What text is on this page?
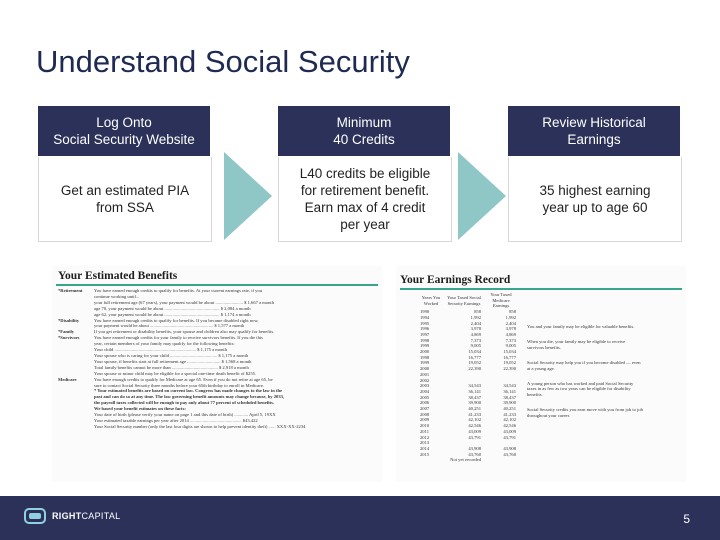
Understand Social Security
Log Onto
Social Security Website
Get an estimated PIA from SSA
Minimum
40 Credits
L40 credits be eligible for retirement benefit. Earn max of 4 credit per year
Review Historical
Earnings
35 highest earning year up to age 60
Your Estimated Benefits
*Retirement	You have earned enough credits to qualify for benefits. At your current earnings rate, if you
continue working until...
your full retirement age (67 years), your payment would be about ........................ $ 1,667 a month
age 70, your payment would be about ................................................ $ 2,084 a month
age 62, your payment would be about ................................................ $ 1,174 a month
*Disability	You have earned enough credits to qualify for benefits. If you became disabled right now,
your payment would be about ....................................................... $ 1,577 a month
*Family	If you get retirement or disability benefits, your spouse and children also may qualify for benefits.
*Survivors	You have earned enough credits for your family to receive survivors benefits. If you die this
year, certain members of your family may qualify for the following benefits:
Your child ....................................................................... $ 1,175 a month
Your spouse who is caring for your child ......................................... $ 1,175 a month
Your spouse, if benefits start at full retirement age ............................. $ 1,568 a month
Total family benefits cannot be more than ........................................ $ 2,918 a month
Your spouse or minor child may be eligible for a special one-time death benefit of $255.
Medicare	You have enough credits to qualify for Medicare at age 65. Even if you do not retire at age 65, be
sure to contact Social Security three months before your 65th birthday to enroll in Medicare.
* Your estimated benefits are based on current law. Congress has made changes to the law in the
past and can do so at any time. The law governing benefit amounts may change because, by 2033,
the payroll taxes collected will be enough to pay only about 77 percent of scheduled benefits.
We based your benefit estimates on these facts:
Your date of birth (please verify your name on page 1 and this date of birth) ............ April 5, 19XX
Your estimated taxable earnings per year after 2014 ............................................. $43,422
Your Social Security number (only the last four digits are shown to help prevent identity theft) ...... XXX-XX-2234
Your Earnings Record
Years You Worked	Your Taxed Social Security Earnings	Your Taxed Medicare Earnings
1990	858	858
1994	1,992	1,992
1995	2,404	2,404
1996	3,978	3,978
1997	4,869	4,869
1998	7,373	7,373
1999	9,005	9,005
2000	15,034	15,034
1998	16,777	16,777
1999	19,052	19,052
2000	22,390	22,390
2001		
2002		
2003	34,543	34,543
2004	36,141	36,141
2005	38,437	38,437
2006	39,900	39,900
2007	40,251	40,251
2008	41,233	41,233
2009	42,102	42,102
2010	42,546	42,546
2011	43,009	43,009
2012	43,791	43,791
2013		
2014	43,908	43,908
2015	43,760	43,760
	Not yet recorded	
You and your family may be eligible for valuable benefits.
When you die, your family may be eligible to receive survivors benefits.
Social Security may help you if you become disabled — even at a young age.
A young person who has worked and paid Social Security taxes in as few as two years can be eligible for disability benefits.
Social Security credits you earn move with you from job to job throughout your career.
RIGHTCAPITAL	5
